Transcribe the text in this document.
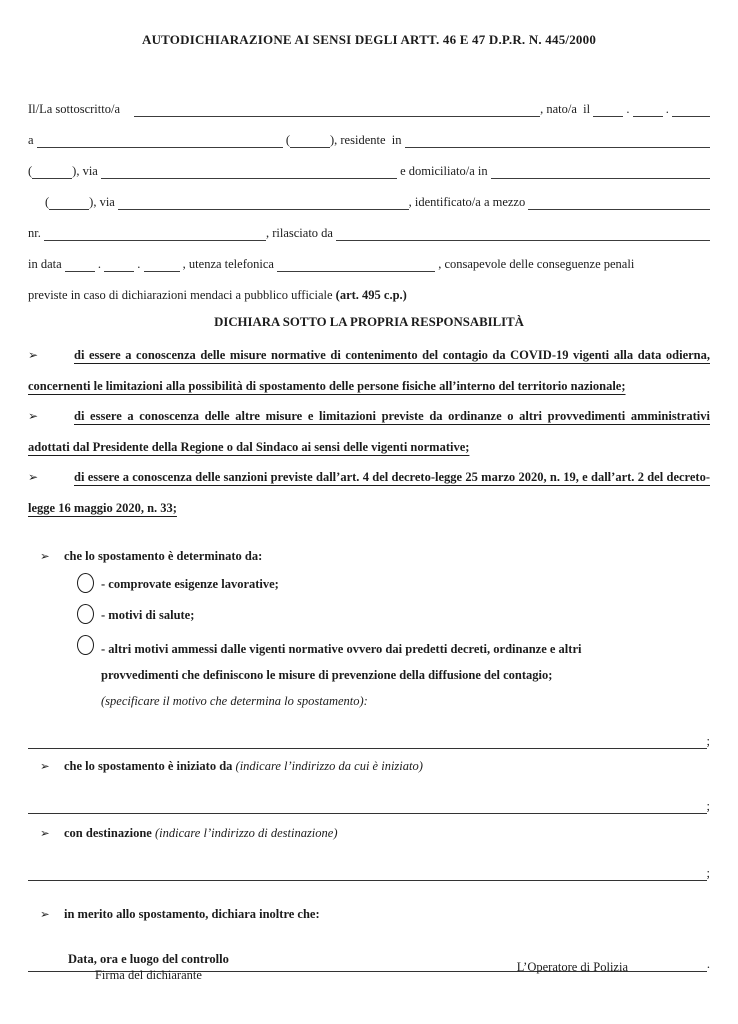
AUTODICHIARAZIONE AI SENSI DEGLI ARTT. 46 E 47 D.P.R. N. 445/2000
Il/La sottoscritto/a	, nato/a  il . .
a	(	), residente  in
(	), via	e domiciliato/a in
(	), via	, identificato/a a mezzo
nr.	, rilasciato da
in data . .	, utenza telefonica	, consapevole delle conseguenze penali
previste in caso di dichiarazioni mendaci a pubblico ufficiale (art. 495 c.p.)
DICHIARA SOTTO LA PROPRIA RESPONSABILITÀ

➢	di essere a conoscenza delle misure normative di contenimento del contagio da COVID-19 vigenti alla data odierna, concernenti le limitazioni alla possibilità di spostamento delle persone fisiche all’interno del territorio nazionale;

➢	di essere a conoscenza delle altre misure e limitazioni previste da ordinanze o altri provvedimenti amministrativi adottati dal Presidente della Regione o dal Sindaco ai sensi delle vigenti normative;

➢	di essere a conoscenza delle sanzioni previste dall’art. 4 del decreto-legge 25 marzo 2020, n. 19, e dall’art. 2 del decreto-legge 16 maggio 2020, n. 33;

➢	che lo spostamento è determinato da:
- comprovate esigenze lavorative;
- motivi di salute;
- altri motivi ammessi dalle vigenti normative ovvero dai predetti decreti, ordinanze e altri provvedimenti che definiscono le misure di prevenzione della diffusione del contagio;
(specificare il motivo che determina lo spostamento):
;
➢	che lo spostamento è iniziato da (indicare l’indirizzo da cui è iniziato)
;
➢	con destinazione (indicare l’indirizzo di destinazione)
;
➢	in merito allo spostamento, dichiara inoltre che:
.
Data, ora e luogo del controllo
Firma del dichiarante
L’Operatore di Polizia
